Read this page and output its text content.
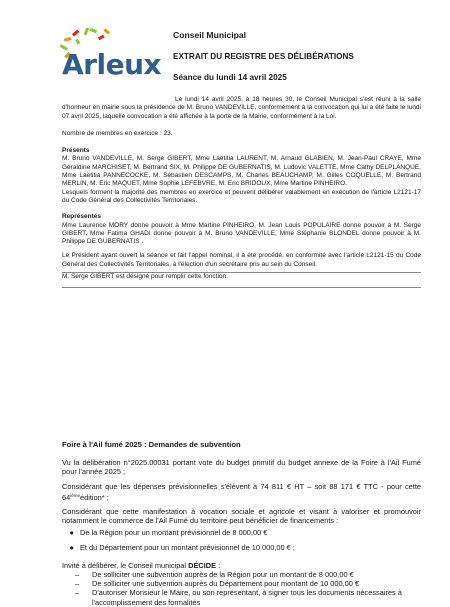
Arleux

Conseil Municipal

EXTRAIT DU REGISTRE DES DÉLIBÉRATIONS

Séance du lundi 14 avril 2025

Le lundi 14 avril 2025, à 18 heures 30, le Conseil Municipal s'est réuni à la salle d'honneur en mairie sous la présidence de M. Bruno VANDEVILLE, conformément à la convocation qui lui a été faite le lundi 07 avril 2025, laquelle convocation a été affichée à la porte de la Mairie, conformément à la Loi.

Nombre de membres en exercice : 23.

Présents

M. Bruno VANDEVILLE, M. Serge GIBERT, Mme Laëtitia LAURENT, M. Arnaud GLABIEN, M. Jean-Paul CRAYE, Mme Géraldine MARCHISET, M. Bertrand SIX, M. Philippe DE GUBERNATIS, M. Ludovic VALETTE, Mme Cathy DELPLANQUE, Mme Laëtitia PANNECOCKE, M. Sébastien DESCAMPS, M. Charles BEAUCHAMP, M. Gilles COQUELLE, M. Bertrand MERLIN, M. Eric MAQUET, Mme Sophie LEFEBVRE, M. Eric BRIDOUX, Mme Martine PINHEIRO.

Lesquels forment la majorité des membres en exercice et peuvent délibérer valablement en exécution de l'article L2121-17 du Code Général des Collectivités Territoriales.

Représentés

Mme Laurence MORY donne pouvoir à Mme Martine PINHEIRO, M. Jean Louis POPULAIRE donne pouvoir à M. Serge GIBERT, Mme Fatima GHADI donne pouvoir à M. Bruno VANDEVILLE, Mme Stéphanie BLONDEL donne pouvoir à M. Philippe DE GUBERNATIS .

Le Président ayant ouvert la séance et fait l'appel nominal, il a été procédé, en conformité avec l'article L2121-15 du Code Général des Collectivités Territoriales, à l'élection d'un secrétaire pris au sein du Conseil.

M. Serge GIBERT est désigné pour remplir cette fonction.

Foire à l'Ail fumé 2025 : Demandes de subvention

Vu la délibération n°2025.00031 portant vote du budget primitif du budget annexe de la Foire à l'Ail Fumé pour l'année 2025 ;

Considérant que les dépenses prévisionnelles s'élèvent à 74 811 € HT – soit 88 171 € TTC - pour cette 64ièmeédition* ;

Considérant que cette manifestation à vocation sociale et agricole et visant à valoriser et promouvoir notamment le commerce de l'Ail Fumé du territoire peut bénéficier de financements :

● De la Région pour un montant prévisionnel de 8 000,00 €
● Et du Département pour un montant prévisionnel de 10 000,00 € ;

Invité à délibérer, le Conseil municipal DÉCIDE :

–	De solliciter une subvention auprès de la Région pour un montant de 8 000,00 €
–	De solliciter une subvention auprès du Département pour montant de 10 000,00 €
–	D'autoriser Monsieur le Maire, ou son représentant, à signer tous les documents nécessaires à l'accomplissement des formalités
